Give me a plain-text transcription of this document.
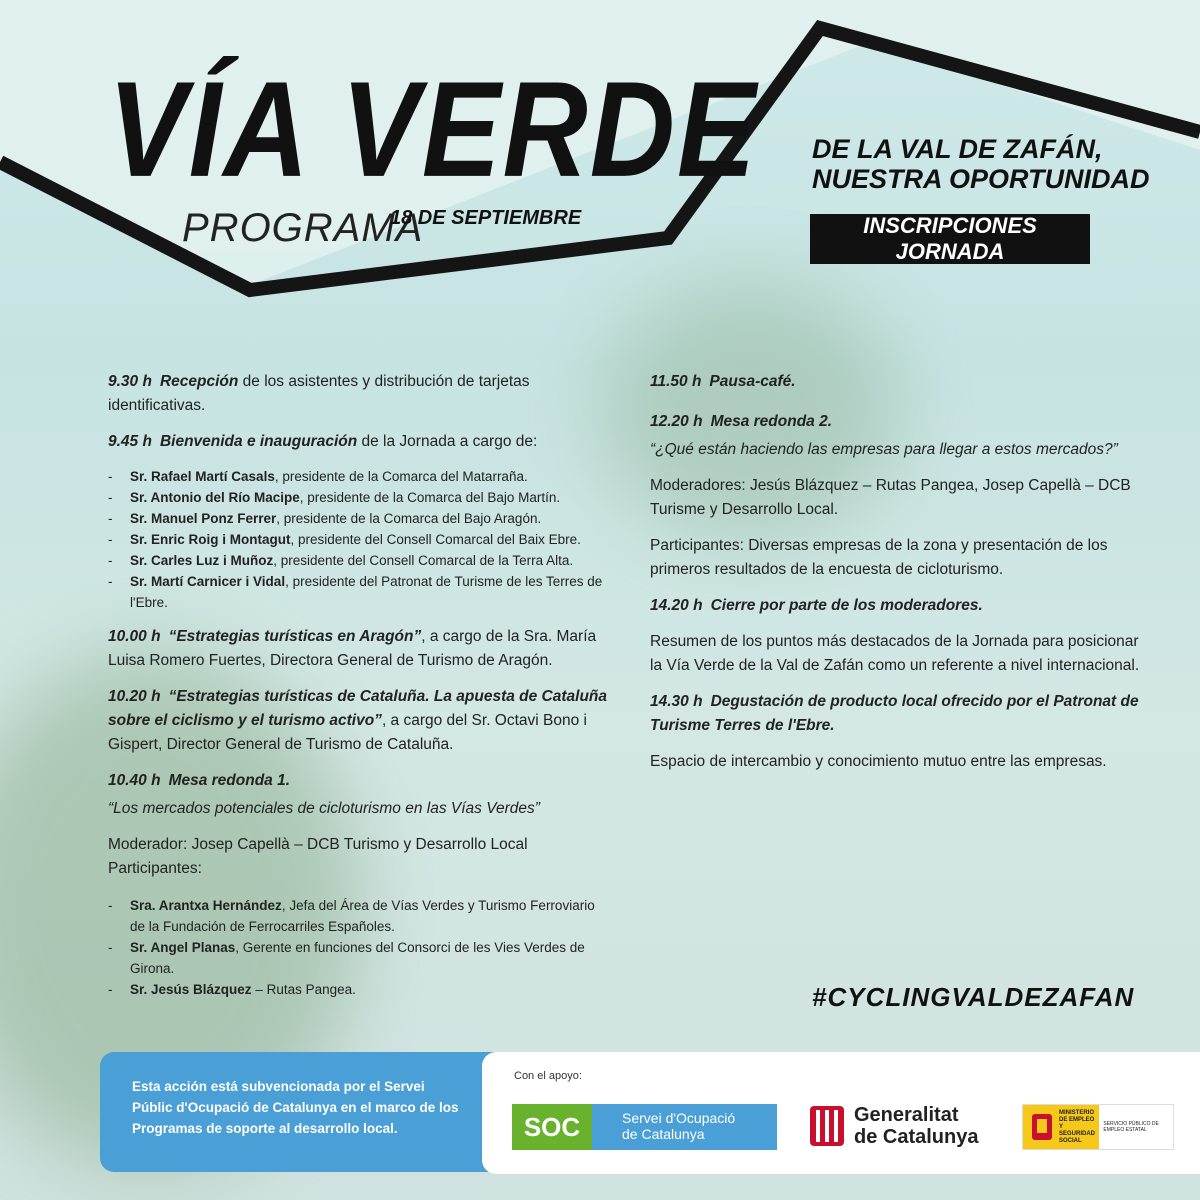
VÍA VERDE
PROGRAMA
18 DE SEPTIEMBRE
DE LA VAL DE ZAFÁN,
NUESTRA OPORTUNIDAD
INSCRIPCIONES JORNADA

9.30 h Recepción de los asistentes y distribución de tarjetas identificativas.

9.45 h Bienvenida e inauguración de la Jornada a cargo de:

- Sr. Rafael Martí Casals, presidente de la Comarca del Matarraña.
- Sr. Antonio del Río Macipe, presidente de la Comarca del Bajo Martín.
- Sr. Manuel Ponz Ferrer, presidente de la Comarca del Bajo Aragón.
- Sr. Enric Roig i Montagut, presidente del Consell Comarcal del Baix Ebre.
- Sr. Carles Luz i Muñoz, presidente del Consell Comarcal de la Terra Alta.
- Sr. Martí Carnicer i Vidal, presidente del Patronat de Turisme de les Terres de l'Ebre.

10.00 h “Estrategias turísticas en Aragón”, a cargo de la Sra. María Luisa Romero Fuertes, Directora General de Turismo de Aragón.

10.20 h “Estrategias turísticas de Cataluña. La apuesta de Cataluña sobre el ciclismo y el turismo activo”, a cargo del Sr. Octavi Bono i Gispert, Director General de Turismo de Cataluña.

10.40 h Mesa redonda 1.

“Los mercados potenciales de cicloturismo en las Vías Verdes”

Moderador: Josep Capellà – DCB Turismo y Desarrollo Local
Participantes:

- Sra. Arantxa Hernández, Jefa del Área de Vías Verdes y Turismo Ferroviario de la Fundación de Ferrocarriles Españoles.
- Sr. Angel Planas, Gerente en funciones del Consorci de les Vies Verdes de Girona.
- Sr. Jesús Blázquez – Rutas Pangea.

11.50 h Pausa-café.

12.20 h Mesa redonda 2.

“¿Qué están haciendo las empresas para llegar a estos mercados?”

Moderadores: Jesús Blázquez – Rutas Pangea, Josep Capellà – DCB Turisme y Desarrollo Local.

Participantes: Diversas empresas de la zona y presentación de los primeros resultados de la encuesta de cicloturismo.

14.20 h Cierre por parte de los moderadores.

Resumen de los puntos más destacados de la Jornada para posicionar la Vía Verde de la Val de Zafán como un referente a nivel internacional.

14.30 h Degustación de producto local ofrecido por el Patronat de Turisme Terres de l'Ebre.

Espacio de intercambio y conocimiento mutuo entre las empresas.

#CYCLINGVALDEZAFAN

Esta acción está subvencionada por el Servei Públic d'Ocupació de Catalunya en el marco de los Programas de soporte al desarrollo local.

Con el apoyo:
SOC	Servei d'Ocupació
de Catalunya
Generalitat
de Catalunya
MINISTERIO DE EMPLEO Y SEGURIDAD SOCIAL
SERVICIO PÚBLICO DE EMPLEO ESTATAL
